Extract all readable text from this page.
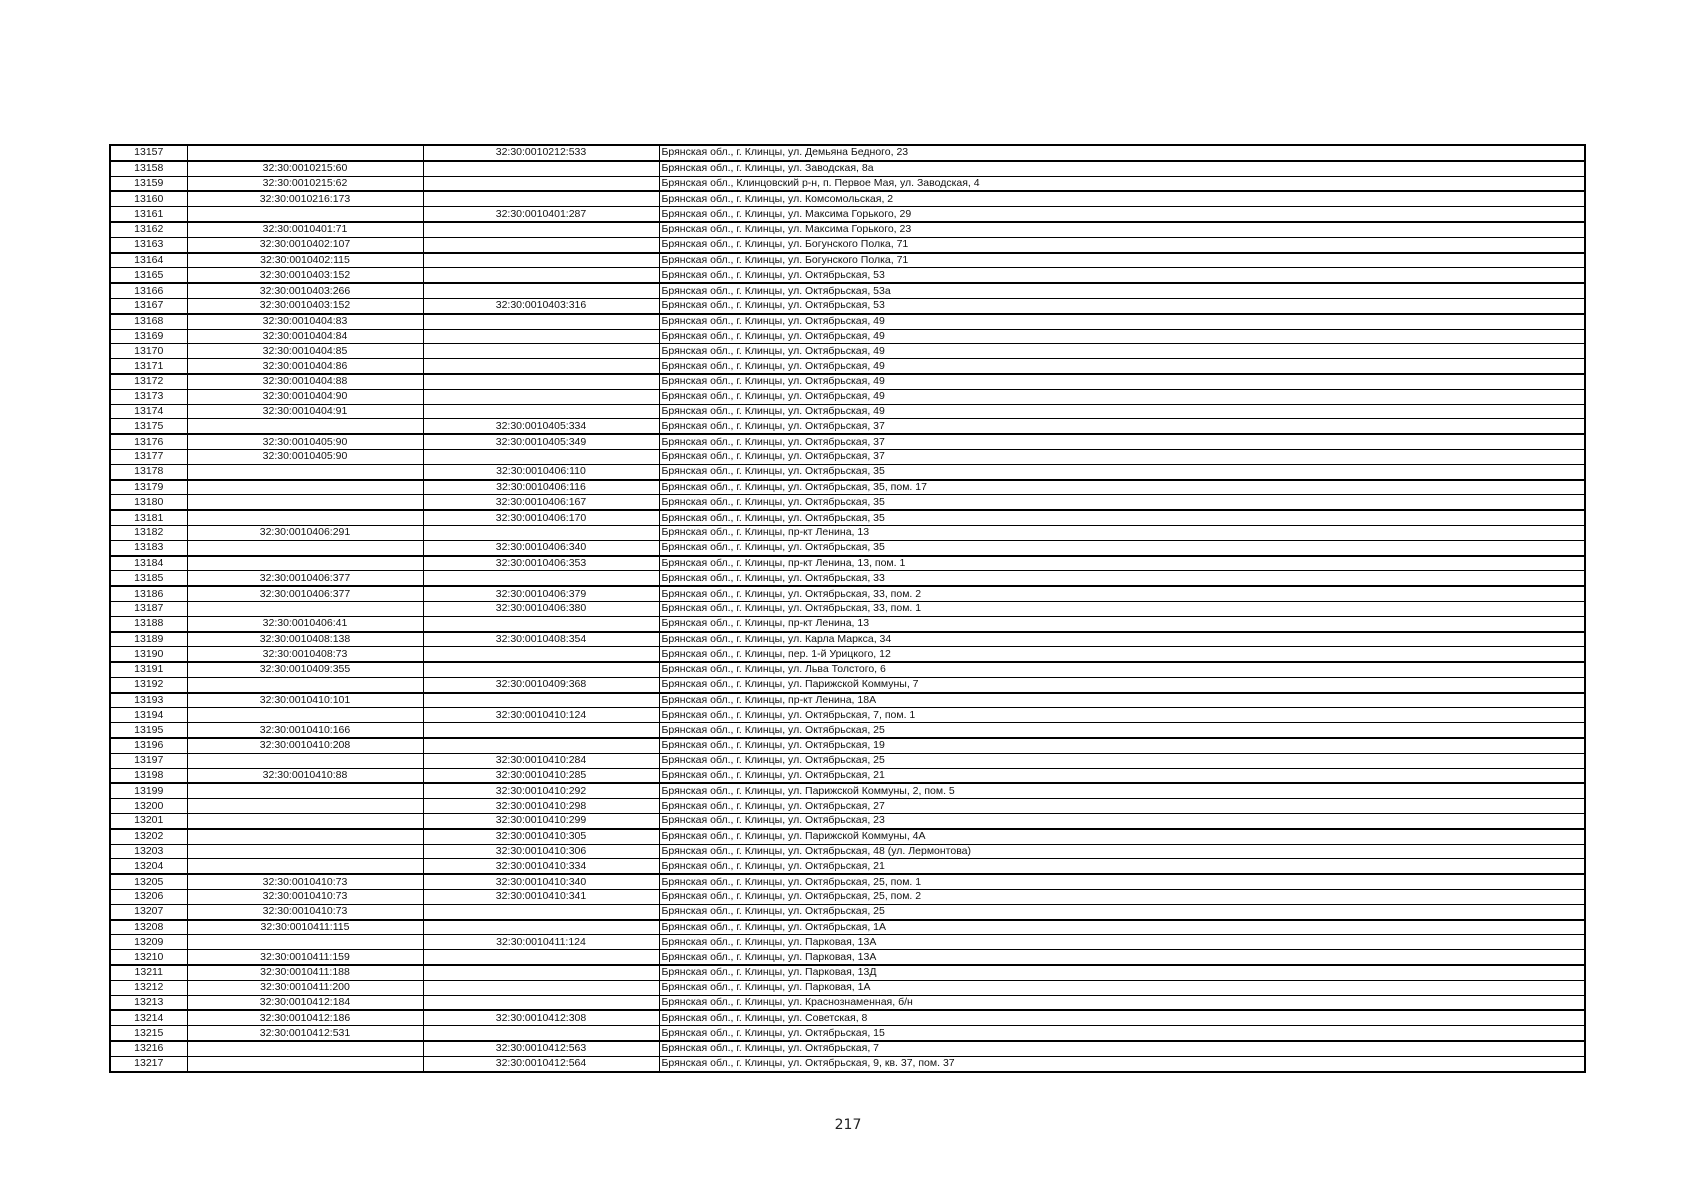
13157		32:30:0010212:533	Брянская обл., г. Клинцы, ул. Демьяна Бедного, 23
13158	32:30:0010215:60		Брянская обл., г. Клинцы, ул. Заводская, 8а
13159	32:30:0010215:62		Брянская обл., Клинцовский р-н, п. Первое Мая, ул. Заводская, 4
13160	32:30:0010216:173		Брянская обл., г. Клинцы, ул. Комсомольская, 2
13161		32:30:0010401:287	Брянская обл., г. Клинцы, ул. Максима Горького, 29
13162	32:30:0010401:71		Брянская обл., г. Клинцы, ул. Максима Горького, 23
13163	32:30:0010402:107		Брянская обл., г. Клинцы, ул. Богунского Полка, 71
13164	32:30:0010402:115		Брянская обл., г. Клинцы, ул. Богунского Полка, 71
13165	32:30:0010403:152		Брянская обл., г. Клинцы, ул. Октябрьская, 53
13166	32:30:0010403:266		Брянская обл., г. Клинцы, ул. Октябрьская, 53а
13167	32:30:0010403:152	32:30:0010403:316	Брянская обл., г. Клинцы, ул. Октябрьская, 53
13168	32:30:0010404:83		Брянская обл., г. Клинцы, ул. Октябрьская, 49
13169	32:30:0010404:84		Брянская обл., г. Клинцы, ул. Октябрьская, 49
13170	32:30:0010404:85		Брянская обл., г. Клинцы, ул. Октябрьская, 49
13171	32:30:0010404:86		Брянская обл., г. Клинцы, ул. Октябрьская, 49
13172	32:30:0010404:88		Брянская обл., г. Клинцы, ул. Октябрьская, 49
13173	32:30:0010404:90		Брянская обл., г. Клинцы, ул. Октябрьская, 49
13174	32:30:0010404:91		Брянская обл., г. Клинцы, ул. Октябрьская, 49
13175		32:30:0010405:334	Брянская обл., г. Клинцы, ул. Октябрьская, 37
13176	32:30:0010405:90	32:30:0010405:349	Брянская обл., г. Клинцы, ул. Октябрьская, 37
13177	32:30:0010405:90		Брянская обл., г. Клинцы, ул. Октябрьская, 37
13178		32:30:0010406:110	Брянская обл., г. Клинцы, ул. Октябрьская, 35
13179		32:30:0010406:116	Брянская обл., г. Клинцы, ул. Октябрьская, 35, пом. 17
13180		32:30:0010406:167	Брянская обл., г. Клинцы, ул. Октябрьская, 35
13181		32:30:0010406:170	Брянская обл., г. Клинцы, ул. Октябрьская, 35
13182	32:30:0010406:291		Брянская обл., г. Клинцы, пр-кт Ленина, 13
13183		32:30:0010406:340	Брянская обл., г. Клинцы, ул. Октябрьская, 35
13184		32:30:0010406:353	Брянская обл., г. Клинцы, пр-кт Ленина, 13, пом. 1
13185	32:30:0010406:377		Брянская обл., г. Клинцы, ул. Октябрьская, 33
13186	32:30:0010406:377	32:30:0010406:379	Брянская обл., г. Клинцы, ул. Октябрьская, 33, пом. 2
13187		32:30:0010406:380	Брянская обл., г. Клинцы, ул. Октябрьская, 33, пом. 1
13188	32:30:0010406:41		Брянская обл., г. Клинцы, пр-кт Ленина, 13
13189	32:30:0010408:138	32:30:0010408:354	Брянская обл., г. Клинцы, ул. Карла Маркса, 34
13190	32:30:0010408:73		Брянская обл., г. Клинцы, пер. 1-й Урицкого, 12
13191	32:30:0010409:355		Брянская обл., г. Клинцы, ул. Льва Толстого, 6
13192		32:30:0010409:368	Брянская обл., г. Клинцы, ул. Парижской Коммуны, 7
13193	32:30:0010410:101		Брянская обл., г. Клинцы, пр-кт Ленина, 18А
13194		32:30:0010410:124	Брянская обл., г. Клинцы, ул. Октябрьская, 7, пом. 1
13195	32:30:0010410:166		Брянская обл., г. Клинцы, ул. Октябрьская, 25
13196	32:30:0010410:208		Брянская обл., г. Клинцы, ул. Октябрьская, 19
13197		32:30:0010410:284	Брянская обл., г. Клинцы, ул. Октябрьская, 25
13198	32:30:0010410:88	32:30:0010410:285	Брянская обл., г. Клинцы, ул. Октябрьская, 21
13199		32:30:0010410:292	Брянская обл., г. Клинцы, ул. Парижской Коммуны, 2, пом. 5
13200		32:30:0010410:298	Брянская обл., г. Клинцы, ул. Октябрьская, 27
13201		32:30:0010410:299	Брянская обл., г. Клинцы, ул. Октябрьская, 23
13202		32:30:0010410:305	Брянская обл., г. Клинцы, ул. Парижской Коммуны, 4А
13203		32:30:0010410:306	Брянская обл., г. Клинцы, ул. Октябрьская, 48 (ул. Лермонтова)
13204		32:30:0010410:334	Брянская обл., г. Клинцы, ул. Октябрьская, 21
13205	32:30:0010410:73	32:30:0010410:340	Брянская обл., г. Клинцы, ул. Октябрьская, 25, пом. 1
13206	32:30:0010410:73	32:30:0010410:341	Брянская обл., г. Клинцы, ул. Октябрьская, 25, пом. 2
13207	32:30:0010410:73		Брянская обл., г. Клинцы, ул. Октябрьская, 25
13208	32:30:0010411:115		Брянская обл., г. Клинцы, ул. Октябрьская, 1А
13209		32:30:0010411:124	Брянская обл., г. Клинцы, ул. Парковая, 13А
13210	32:30:0010411:159		Брянская обл., г. Клинцы, ул. Парковая, 13А
13211	32:30:0010411:188		Брянская обл., г. Клинцы, ул. Парковая, 13Д
13212	32:30:0010411:200		Брянская обл., г. Клинцы, ул. Парковая, 1А
13213	32:30:0010412:184		Брянская обл., г. Клинцы, ул. Краснознаменная, б/н
13214	32:30:0010412:186	32:30:0010412:308	Брянская обл., г. Клинцы, ул. Советская, 8
13215	32:30:0010412:531		Брянская обл., г. Клинцы, ул. Октябрьская, 15
13216		32:30:0010412:563	Брянская обл., г. Клинцы, ул. Октябрьская, 7
13217		32:30:0010412:564	Брянская обл., г. Клинцы, ул. Октябрьская, 9, кв. 37, пом. 37
217
